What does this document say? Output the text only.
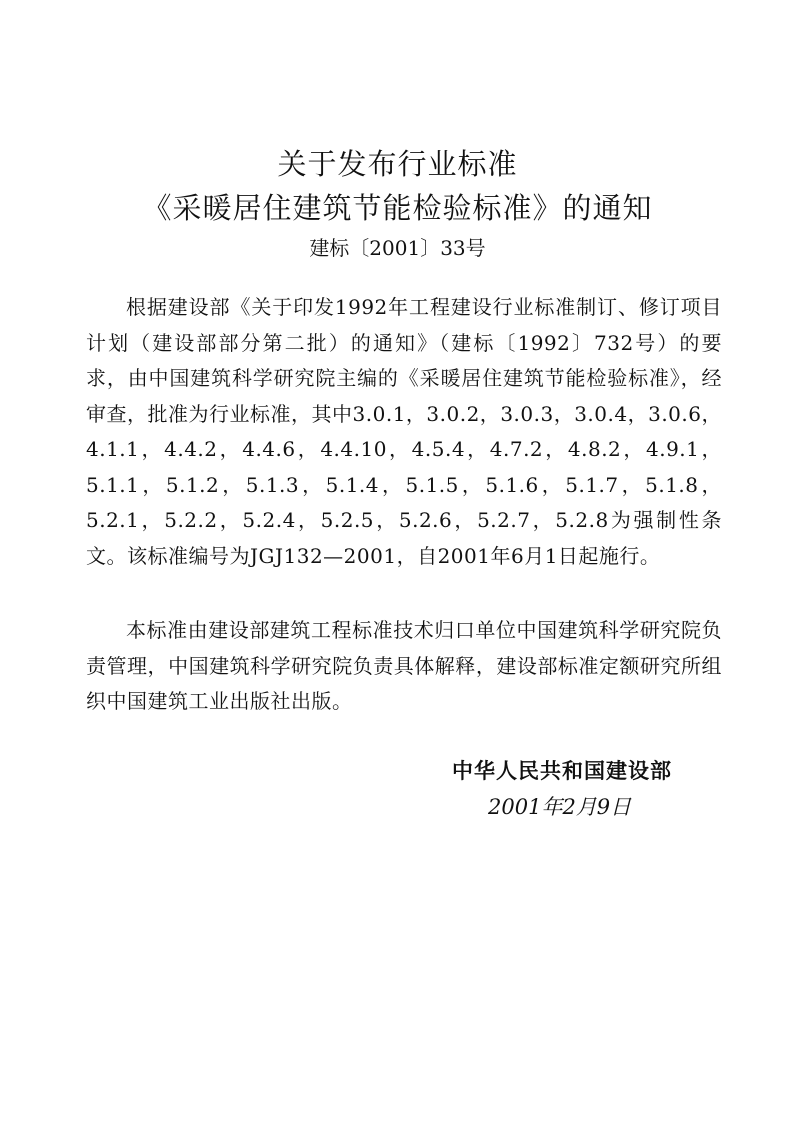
关于发布行业标准
《采暖居住建筑节能检验标准》的通知
建标〔2001〕33号
根据建设部《关于印发1992年工程建设行业标准制订、修订项目计划（建设部部分第二批）的通知》（建标〔1992〕732号）的要求，由中国建筑科学研究院主编的《采暖居住建筑节能检验标准》，经审查，批准为行业标准，其中3.0.1，3.0.2，3.0.3，3.0.4，3.0.6，4.1.1，4.4.2，4.4.6，4.4.10，4.5.4，4.7.2，4.8.2，4.9.1，5.1.1，5.1.2，5.1.3，5.1.4，5.1.5，5.1.6，5.1.7，5.1.8，5.2.1，5.2.2，5.2.4，5.2.5，5.2.6，5.2.7，5.2.8为强制性条文。该标准编号为JGJ132—2001，自2001年6月1日起施行。
本标准由建设部建筑工程标准技术归口单位中国建筑科学研究院负责管理，中国建筑科学研究院负责具体解释，建设部标准定额研究所组织中国建筑工业出版社出版。
中华人民共和国建设部
2001年2月9日
